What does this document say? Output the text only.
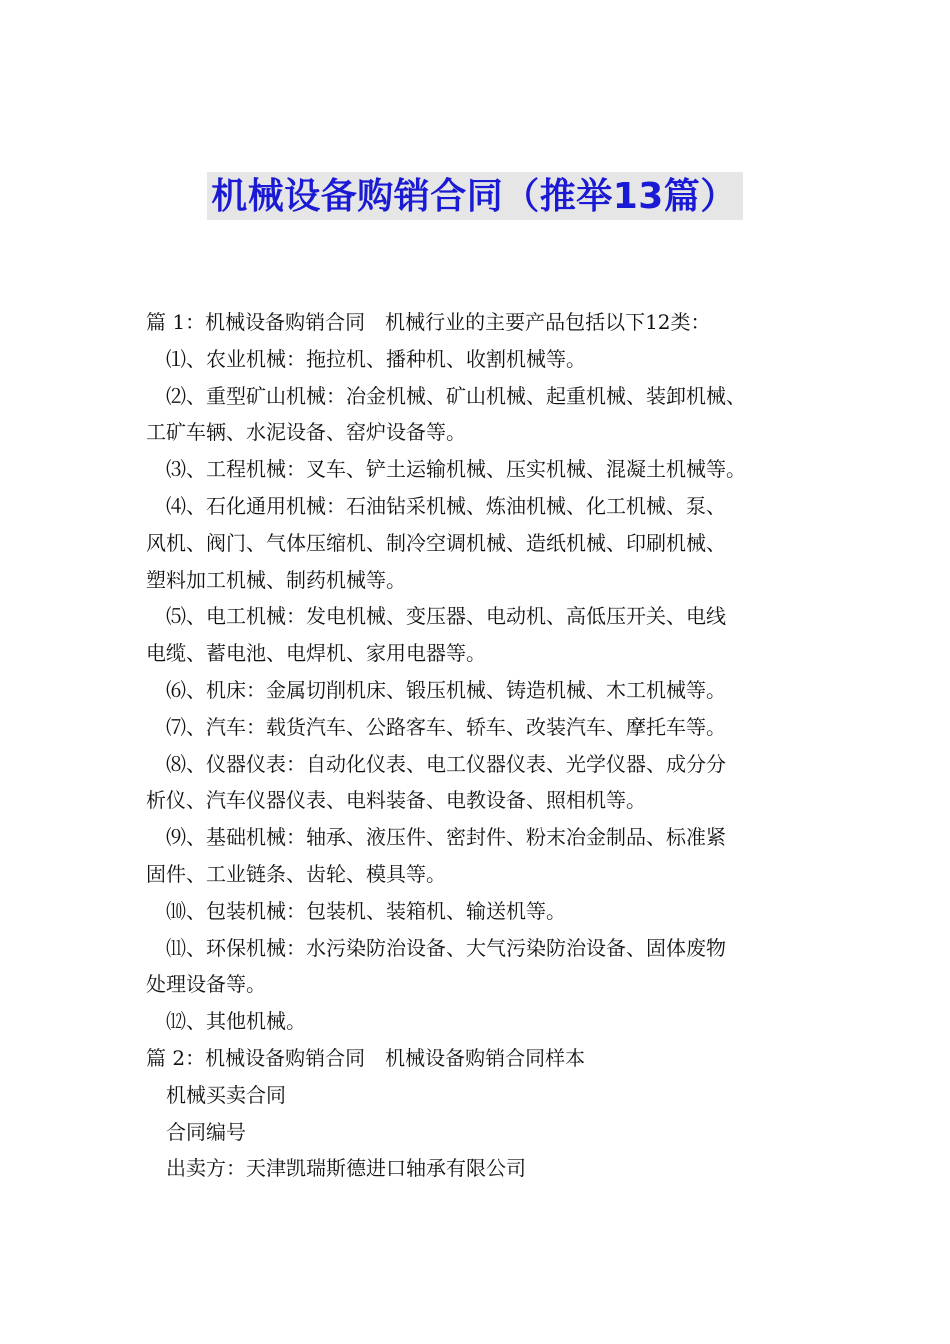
机械设备购销合同（推举13篇）
篇 1：机械设备购销合同　机械行业的主要产品包括以下12类：
⑴、农业机械：拖拉机、播种机、收割机械等。
⑵、重型矿山机械：冶金机械、矿山机械、起重机械、装卸机械、
工矿车辆、水泥设备、窑炉设备等。
⑶、工程机械：叉车、铲土运输机械、压实机械、混凝土机械等。
⑷、石化通用机械：石油钻采机械、炼油机械、化工机械、泵、
风机、阀门、气体压缩机、制冷空调机械、造纸机械、印刷机械、
塑料加工机械、制药机械等。
⑸、电工机械：发电机械、变压器、电动机、高低压开关、电线
电缆、蓄电池、电焊机、家用电器等。
⑹、机床：金属切削机床、锻压机械、铸造机械、木工机械等。
⑺、汽车：载货汽车、公路客车、轿车、改装汽车、摩托车等。
⑻、仪器仪表：自动化仪表、电工仪器仪表、光学仪器、成分分
析仪、汽车仪器仪表、电料装备、电教设备、照相机等。
⑼、基础机械：轴承、液压件、密封件、粉末冶金制品、标准紧
固件、工业链条、齿轮、模具等。
⑽、包装机械：包装机、装箱机、输送机等。
⑾、环保机械：水污染防治设备、大气污染防治设备、固体废物
处理设备等。
⑿、其他机械。
篇 2：机械设备购销合同　机械设备购销合同样本
机械买卖合同
合同编号
出卖方：天津凯瑞斯德进口轴承有限公司
